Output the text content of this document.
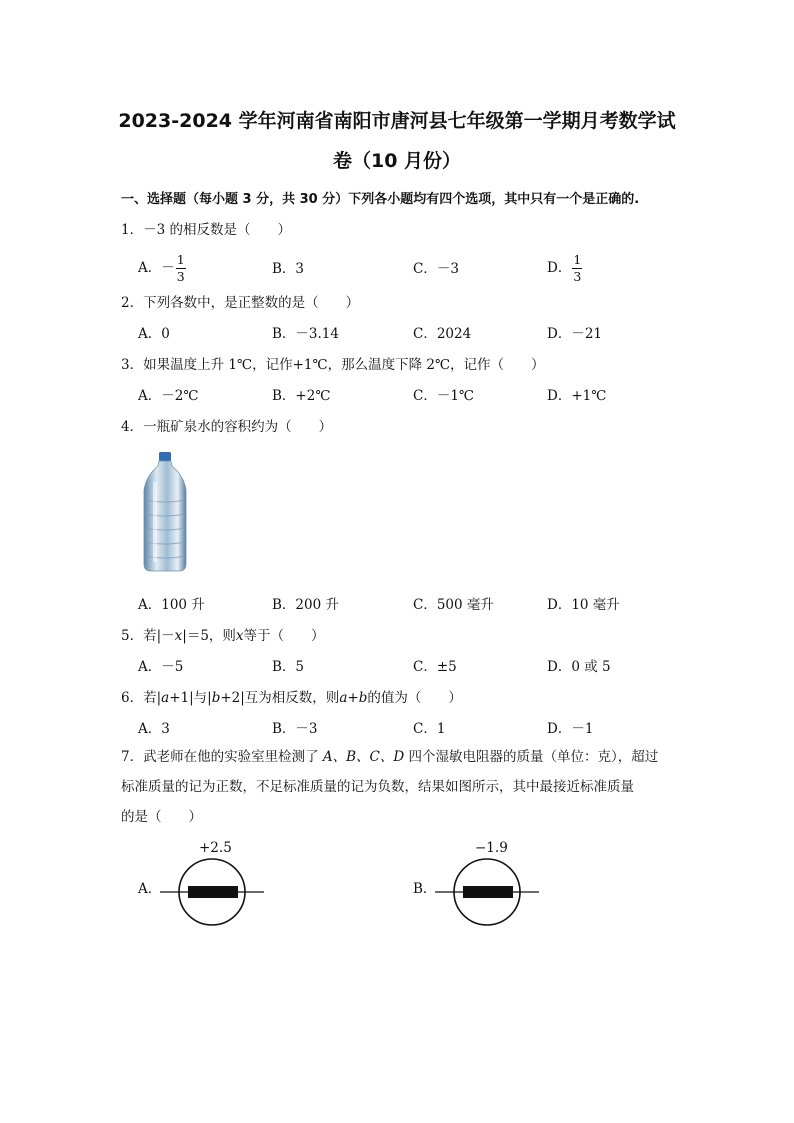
2023-2024 学年河南省南阳市唐河县七年级第一学期月考数学试
卷（10 月份）
一、选择题（每小题 3 分，共 30 分）下列各小题均有四个选项，其中只有一个是正确的.
1．－3 的相反数是（　　）
A．－ $\frac{1}{3}$	B．3	C．－3	D． $\frac{1}{3}$
2．下列各数中，是正整数的是（　　）
A．0	B．－3.14	C．2024	D．－21
3．如果温度上升 1℃，记作+1℃，那么温度下降 2℃，记作（　　）
A．－2℃	B．+2℃	C．－1℃	D．+1℃
4．一瓶矿泉水的容积约为（　　）
A．100 升	B．200 升	C．500 毫升	D．10 毫升
5．若|－x|＝5，则x等于（　　）
A．－5	B．5	C．±5	D．0 或 5
6．若|a+1|与|b+2|互为相反数，则a+b的值为（　　）
A．3	B．－3	C．1	D．－1
7．武老师在他的实验室里检测了 A、B、C、D 四个湿敏电阻器的质量（单位：克），超过
标准质量的记为正数，不足标准质量的记为负数，结果如图所示，其中最接近标准质量
的是（　　）
A．
+2.5
B．
−1.9
